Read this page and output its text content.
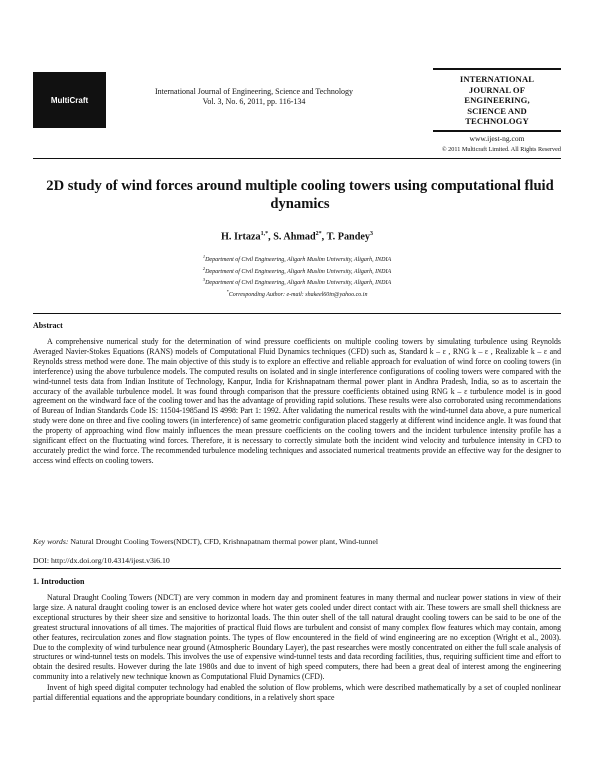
MultiCraft
International Journal of Engineering, Science and Technology
Vol. 3, No. 6, 2011, pp. 116-134
INTERNATIONAL
JOURNAL OF
ENGINEERING,
SCIENCE AND
TECHNOLOGY
www.ijest-ng.com
© 2011 Multicraft Limited. All Rights Reserved
2D study of wind forces around multiple cooling towers using computational fluid dynamics
H. Irtaza$^{1,*}$, S. Ahmad$^{2*}$, T. Pandey$^3$
$^1$Department of Civil Engineering, Aligarh Muslim University, Aligarh, INDIA
$^2$Department of Civil Engineering, Aligarh Muslim University, Aligarh, INDIA
$^3$Department of Civil Engineering, Aligarh Muslim University, Aligarh, INDIA
*Corresponding Author: e-mail: shakeel60in@yahoo.co.in
Abstract

A comprehensive numerical study for the determination of wind pressure coefficients on multiple cooling towers by simulating turbulence using Reynolds Averaged Navier-Stokes Equations (RANS) models of Computational Fluid Dynamics techniques (CFD) such as, Standard k – ε , RNG k – ε , Realizable k – ε and Reynolds stress method were done. The main objective of this study is to explore an effective and reliable approach for evaluation of wind force on cooling towers (in interference) using the above turbulence models. The computed results on isolated and in single interference configurations of cooling towers were compared with the wind-tunnel tests data from Indian Institute of Technology, Kanpur, India for Krishnapatnam thermal power plant in Andhra Pradesh, India, so as to ascertain the accuracy of the available turbulence model. It was found through comparison that the pressure coefficients obtained using RNG k – ε turbulence model is in good agreement on the windward face of the cooling tower and has the advantage of providing rapid solutions. These results were also corroborated using recommendations of Bureau of Indian Standards Code IS: 11504-1985and IS 4998: Part 1: 1992. After validating the numerical results with the wind-tunnel data above, a pure numerical study were done on three and five cooling towers (in interference) of same geometric configuration placed staggerly at different wind incidence angle. It was found that the property of approaching wind flow mainly influences the mean pressure coefficients on the cooling towers and the incident turbulence intensity profile has a significant effect on the fluctuating wind forces. Therefore, it is necessary to correctly simulate both the incident wind velocity and turbulence intensity in CFD to accurately predict the wind force. The recommended turbulence modeling techniques and associated numerical treatments provide an effective way for the designer to access wind effects on cooling towers.

Key words: Natural Drought Cooling Towers(NDCT), CFD, Krishnapatnam thermal power plant, Wind-tunnel
DOI: http://dx.doi.org/10.4314/ijest.v3i6.10
1. Introduction

Natural Draught Cooling Towers (NDCT) are very common in modern day and prominent features in many thermal and nuclear power stations in view of their large size. A natural draught cooling tower is an enclosed device where hot water gets cooled under direct contact with air. These towers are small shell thickness are exceptional structures by their sheer size and sensitive to horizontal loads. The thin outer shell of the tall natural draught cooling towers can be said to be one of the greatest structural innovations of all times. The majorities of practical fluid flows are turbulent and consist of many complex flow features which may contain, among other features, recirculation zones and flow stagnation points. The types of flow encountered in the field of wind engineering are no exception (Wright et al., 2003). Due to the complexity of wind turbulence near ground (Atmospheric Boundary Layer), the past researches were mostly concentrated on either the full scale analysis of structures or wind-tunnel tests on models. This involves the use of expensive wind-tunnel tests and data recording facilities, thus, requiring sufficient time and effort to obtain the desired results. However during the late 1980s and due to invent of high speed computers, there had been a great deal of interest among the engineering community into a relatively new technique known as Computational Fluid Dynamics (CFD).

Invent of high speed digital computer technology had enabled the solution of flow problems, which were described mathematically by a set of coupled nonlinear partial differential equations and the appropriate boundary conditions, in a relatively short space
